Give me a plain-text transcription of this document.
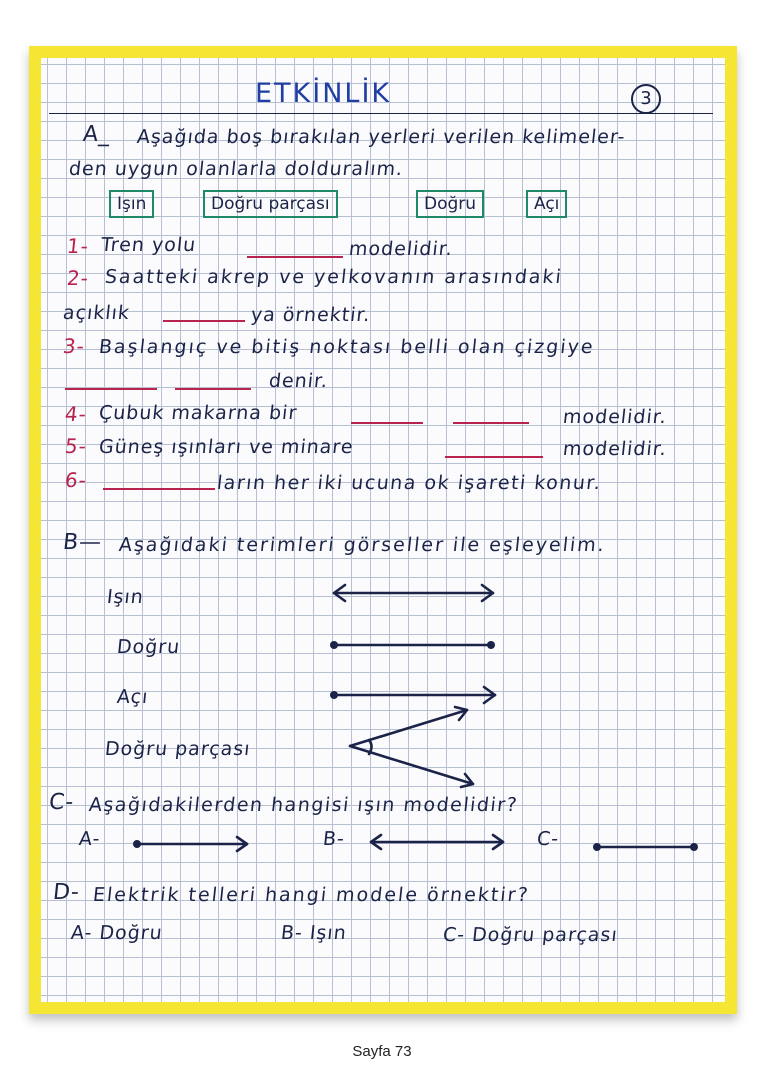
ETKİNLİK	3
A_ Aşağıda boş bırakılan yerleri verilen kelimeler-
den uygun olanlarla dolduralım.
Işın	Doğru parçası	Doğru	Açı
1- Tren yolu	modelidir.
2- Saatteki akrep ve yelkovanın arasındaki
açıklık	ya örnektir.
3- Başlangıç ve bitiş noktası belli olan çizgiye
denir.
4- Çubuk makarna bir	modelidir.
5- Güneş ışınları ve minare	modelidir.
6-	ların her iki ucuna ok işareti konur.
B— Aşağıdaki terimleri görseller ile eşleyelim.
Işın
Doğru
Açı
Doğru parçası
C- Aşağıdakilerden hangisi ışın modelidir?
A-	B-	C-
D- Elektrik telleri hangi modele örnektir?
A- Doğru	B- Işın	C- Doğru parçası
Sayfa 73
